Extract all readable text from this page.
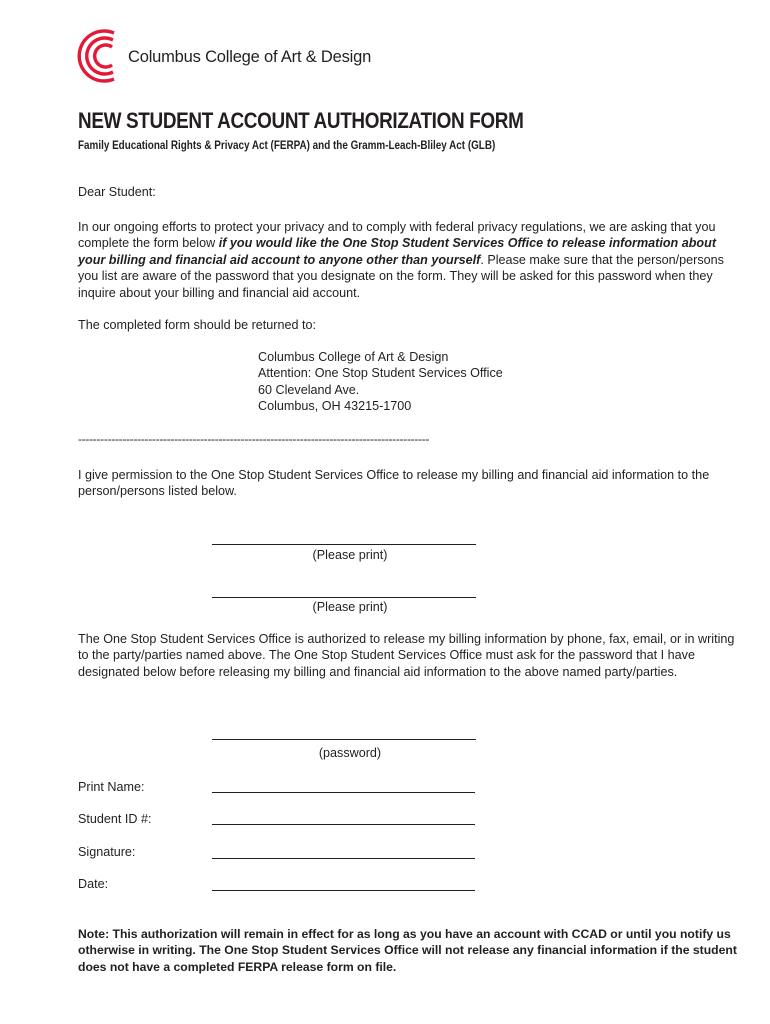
Columbus College of Art & Design
NEW STUDENT ACCOUNT AUTHORIZATION FORM
Family Educational Rights & Privacy Act (FERPA) and the Gramm-Leach-Bliley Act (GLB)
Dear Student:
In our ongoing efforts to protect your privacy and to comply with federal privacy regulations, we are asking that you complete the form below if you would like the One Stop Student Services Office to release information about your billing and financial aid account to anyone other than yourself. Please make sure that the person/persons you list are aware of the password that you designate on the form. They will be asked for this password when they inquire about your billing and financial aid account.
The completed form should be returned to:
Columbus College of Art & Design
Attention: One Stop Student Services Office
60 Cleveland Ave.
Columbus, OH 43215-1700
-----------------------------------------------------------------------------------------------
I give permission to the One Stop Student Services Office to release my billing and financial aid information to the person/persons listed below.
(Please print)
(Please print)
The One Stop Student Services Office is authorized to release my billing information by phone, fax, email, or in writing to the party/parties named above. The One Stop Student Services Office must ask for the password that I have designated below before releasing my billing and financial aid information to the above named party/parties.
(password)
Print Name:
Student ID #:
Signature:
Date:
Note: This authorization will remain in effect for as long as you have an account with CCAD or until you notify us otherwise in writing. The One Stop Student Services Office will not release any financial information if the student does not have a completed FERPA release form on file.
